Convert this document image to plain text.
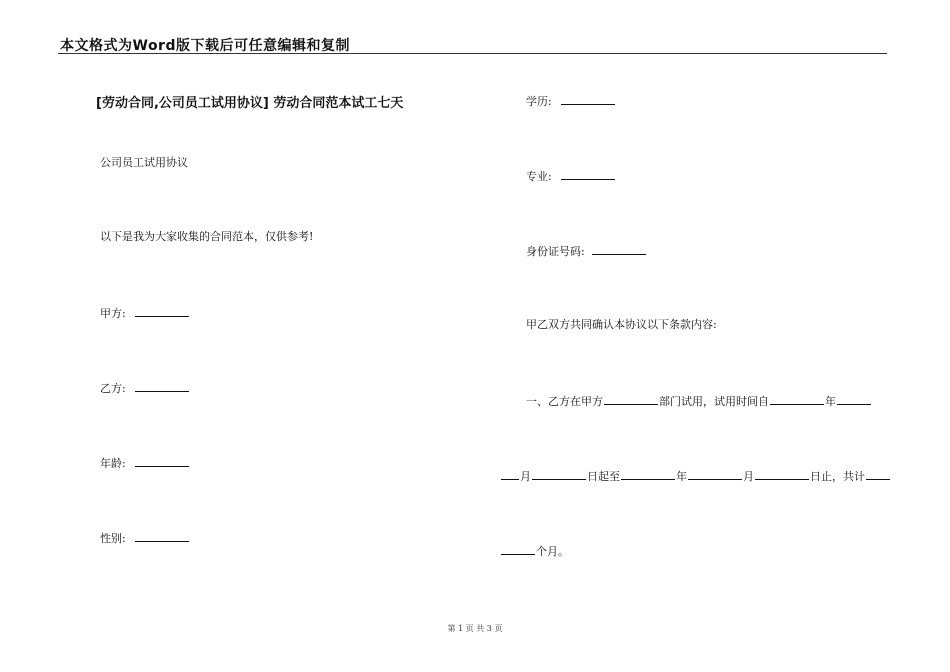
本文格式为Word版下载后可任意编辑和复制
[劳动合同,公司员工试用协议] 劳动合同范本试工七天
公司员工试用协议
以下是我为大家收集的合同范本，仅供参考!
甲方:
乙方:
年龄:
性别:
学历:
专业:
身份证号码:
甲乙双方共同确认本协议以下条款内容:
一、乙方在甲方	部门试用，试用时间自	年
月	日起至	年	月	日止，共计
个月。
第 1 页 共 3 页
